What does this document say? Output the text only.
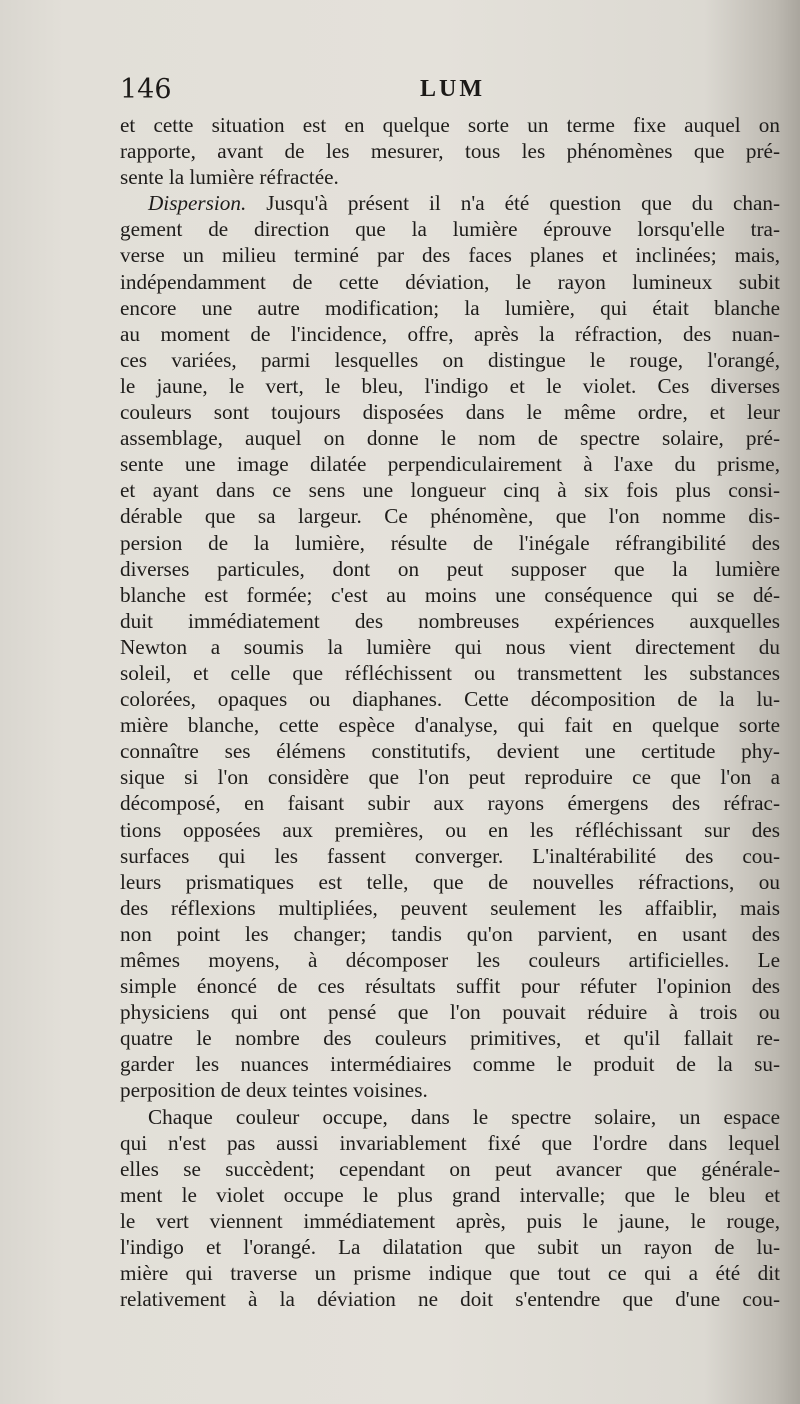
146	LUM
et cette situation est en quelque sorte un terme fixe auquel on
rapporte, avant de les mesurer, tous les phénomènes que pré-
sente la lumière réfractée.
Dispersion. Jusqu'à présent il n'a été question que du chan-
gement de direction que la lumière éprouve lorsqu'elle tra-
verse un milieu terminé par des faces planes et inclinées; mais,
indépendamment de cette déviation, le rayon lumineux subit
encore une autre modification; la lumière, qui était blanche
au moment de l'incidence, offre, après la réfraction, des nuan-
ces variées, parmi lesquelles on distingue le rouge, l'orangé,
le jaune, le vert, le bleu, l'indigo et le violet. Ces diverses
couleurs sont toujours disposées dans le même ordre, et leur
assemblage, auquel on donne le nom de spectre solaire, pré-
sente une image dilatée perpendiculairement à l'axe du prisme,
et ayant dans ce sens une longueur cinq à six fois plus consi-
dérable que sa largeur. Ce phénomène, que l'on nomme dis-
persion de la lumière, résulte de l'inégale réfrangibilité des
diverses particules, dont on peut supposer que la lumière
blanche est formée; c'est au moins une conséquence qui se dé-
duit immédiatement des nombreuses expériences auxquelles
Newton a soumis la lumière qui nous vient directement du
soleil, et celle que réfléchissent ou transmettent les substances
colorées, opaques ou diaphanes. Cette décomposition de la lu-
mière blanche, cette espèce d'analyse, qui fait en quelque sorte
connaître ses élémens constitutifs, devient une certitude phy-
sique si l'on considère que l'on peut reproduire ce que l'on a
décomposé, en faisant subir aux rayons émergens des réfrac-
tions opposées aux premières, ou en les réfléchissant sur des
surfaces qui les fassent converger. L'inaltérabilité des cou-
leurs prismatiques est telle, que de nouvelles réfractions, ou
des réflexions multipliées, peuvent seulement les affaiblir, mais
non point les changer; tandis qu'on parvient, en usant des
mêmes moyens, à décomposer les couleurs artificielles. Le
simple énoncé de ces résultats suffit pour réfuter l'opinion des
physiciens qui ont pensé que l'on pouvait réduire à trois ou
quatre le nombre des couleurs primitives, et qu'il fallait re-
garder les nuances intermédiaires comme le produit de la su-
perposition de deux teintes voisines.
Chaque couleur occupe, dans le spectre solaire, un espace
qui n'est pas aussi invariablement fixé que l'ordre dans lequel
elles se succèdent; cependant on peut avancer que générale-
ment le violet occupe le plus grand intervalle; que le bleu et
le vert viennent immédiatement après, puis le jaune, le rouge,
l'indigo et l'orangé. La dilatation que subit un rayon de lu-
mière qui traverse un prisme indique que tout ce qui a été dit
relativement à la déviation ne doit s'entendre que d'une cou-
